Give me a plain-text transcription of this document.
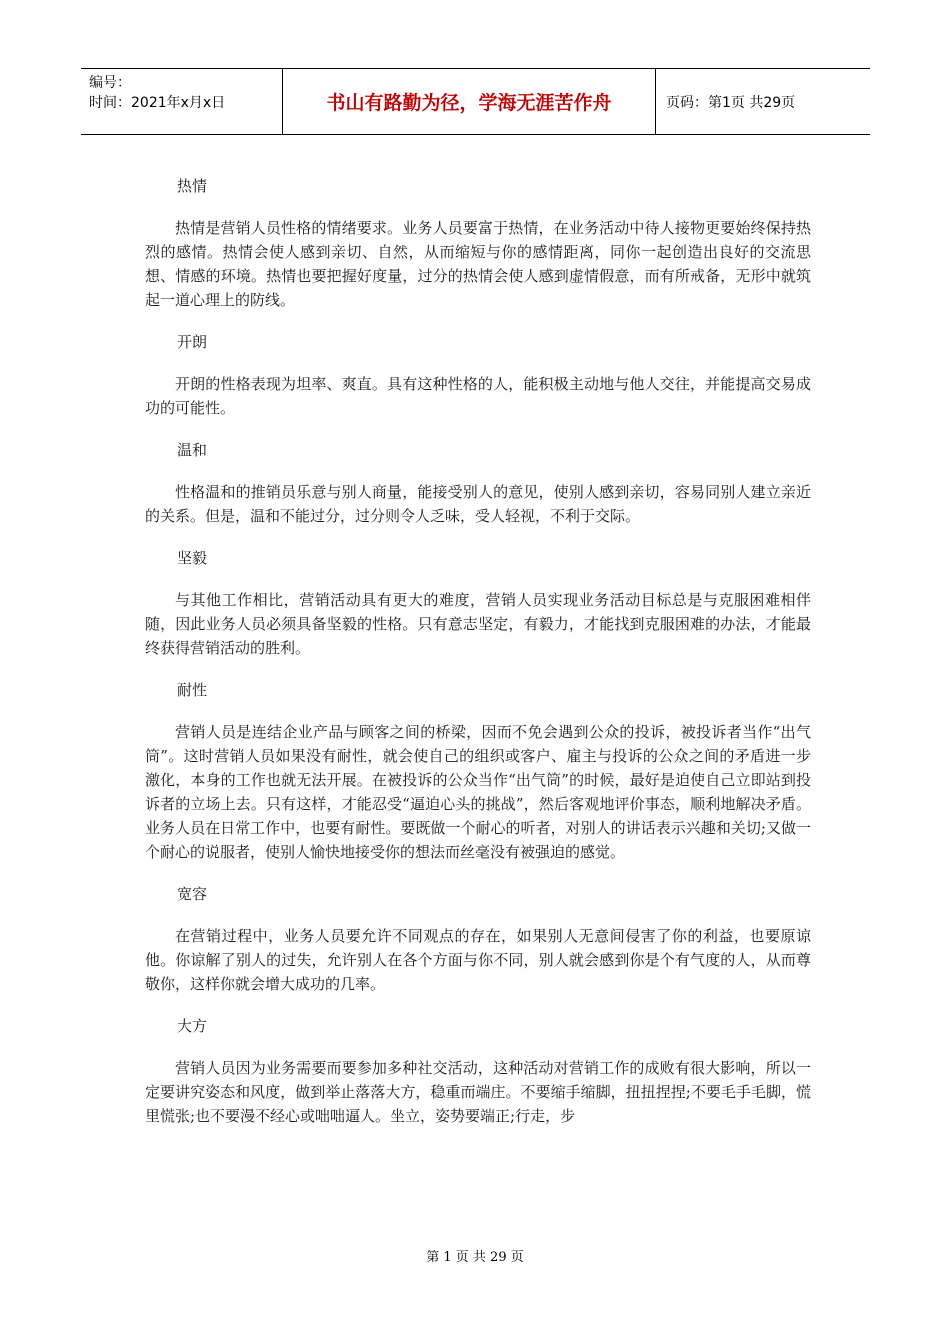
编号：
时间：2021年x月x日	书山有路勤为径，学海无涯苦作舟	页码：第1页 共29页

热情

热情是营销人员性格的情绪要求。业务人员要富于热情，在业务活动中待人接物更要始终保持热烈的感情。热情会使人感到亲切、自然，从而缩短与你的感情距离，同你一起创造出良好的交流思想、情感的环境。热情也要把握好度量，过分的热情会使人感到虚情假意，而有所戒备，无形中就筑起一道心理上的防线。

开朗

开朗的性格表现为坦率、爽直。具有这种性格的人，能积极主动地与他人交往，并能提高交易成功的可能性。

温和

性格温和的推销员乐意与别人商量，能接受别人的意见，使别人感到亲切，容易同别人建立亲近的关系。但是，温和不能过分，过分则令人乏味，受人轻视，不利于交际。

坚毅

与其他工作相比，营销活动具有更大的难度，营销人员实现业务活动目标总是与克服困难相伴随，因此业务人员必须具备坚毅的性格。只有意志坚定，有毅力，才能找到克服困难的办法，才能最终获得营销活动的胜利。

耐性

营销人员是连结企业产品与顾客之间的桥梁，因而不免会遇到公众的投诉，被投诉者当作“出气筒”。这时营销人员如果没有耐性，就会使自己的组织或客户、雇主与投诉的公众之间的矛盾进一步激化，本身的工作也就无法开展。在被投诉的公众当作“出气筒”的时候，最好是迫使自己立即站到投诉者的立场上去。只有这样，才能忍受“逼迫心头的挑战”，然后客观地评价事态，顺利地解决矛盾。业务人员在日常工作中，也要有耐性。要既做一个耐心的听者，对别人的讲话表示兴趣和关切;又做一个耐心的说服者，使别人愉快地接受你的想法而丝毫没有被强迫的感觉。

宽容

在营销过程中，业务人员要允许不同观点的存在，如果别人无意间侵害了你的利益，也要原谅他。你谅解了别人的过失，允许别人在各个方面与你不同，别人就会感到你是个有气度的人，从而尊敬你，这样你就会增大成功的几率。

大方

营销人员因为业务需要而要参加多种社交活动，这种活动对营销工作的成败有很大影响，所以一定要讲究姿态和风度，做到举止落落大方，稳重而端庄。不要缩手缩脚，扭扭捏捏;不要毛手毛脚，慌里慌张;也不要漫不经心或咄咄逼人。坐立，姿势要端正;行走，步

第 1 页 共 29 页
